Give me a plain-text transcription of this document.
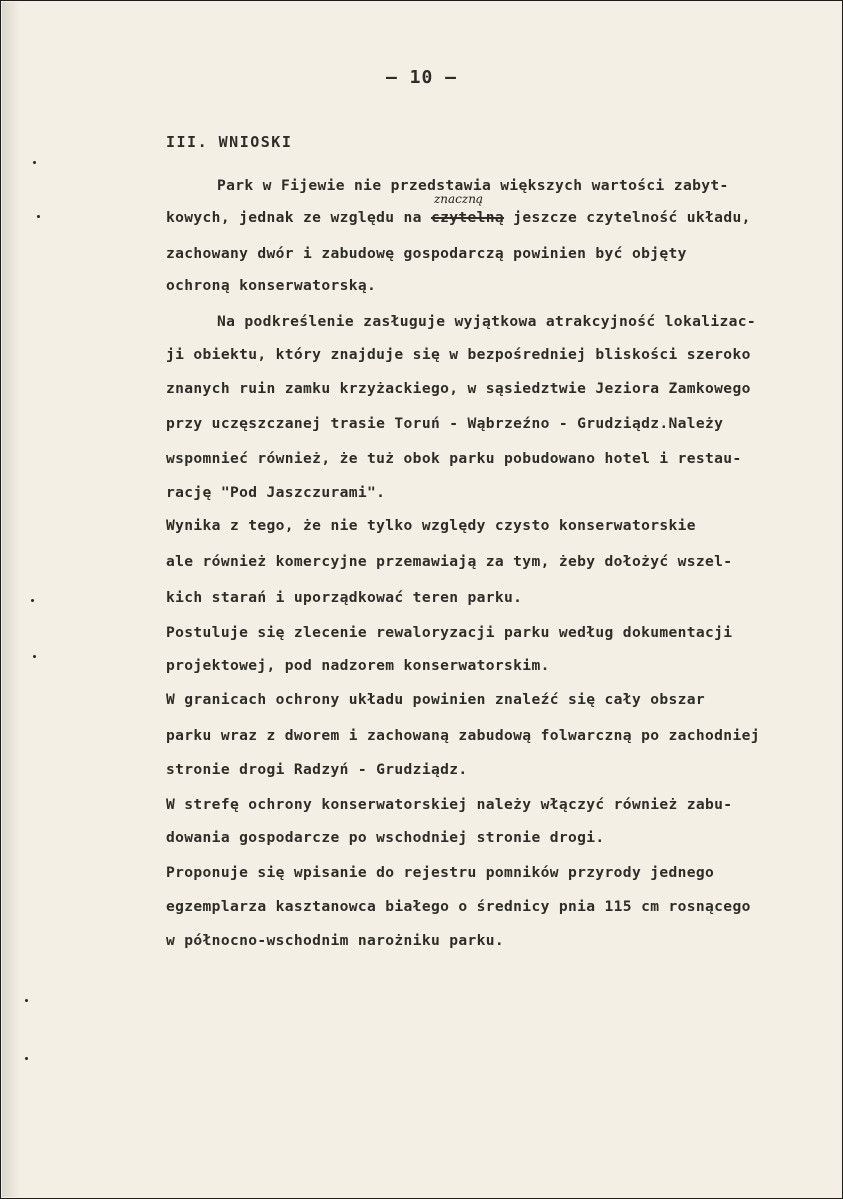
– 10 –
III. WNIOSKI
Park w Fijewie nie przedstawia większych wartości zabyt-
kowych, jednak ze względu na czytelną
znaczną
jeszcze czytelność układu,
zachowany dwór i zabudowę gospodarczą powinien być objęty
ochroną konserwatorską.
Na podkreślenie zasługuje wyjątkowa atrakcyjność lokalizac-
ji obiektu, który znajduje się w bezpośredniej bliskości szeroko
znanych ruin zamku krzyżackiego, w sąsiedztwie Jeziora Zamkowego
przy uczęszczanej trasie Toruń - Wąbrzeźno - Grudziądz.Należy
wspomnieć również, że tuż obok parku pobudowano hotel i restau-
rację "Pod Jaszczurami".
Wynika z tego, że nie tylko względy czysto konserwatorskie
ale również komercyjne przemawiają za tym, żeby dołożyć wszel-
kich starań i uporządkować teren parku.
Postuluje się zlecenie rewaloryzacji parku według dokumentacji
projektowej, pod nadzorem konserwatorskim.
W granicach ochrony układu powinien znaleźć się cały obszar
parku wraz z dworem i zachowaną zabudową folwarczną po zachodniej
stronie drogi Radzyń - Grudziądz.
W strefę ochrony konserwatorskiej należy włączyć również zabu-
dowania gospodarcze po wschodniej stronie drogi.
Proponuje się wpisanie do rejestru pomników przyrody jednego
egzemplarza kasztanowca białego o średnicy pnia 115 cm rosnącego
w północno-wschodnim narożniku parku.
